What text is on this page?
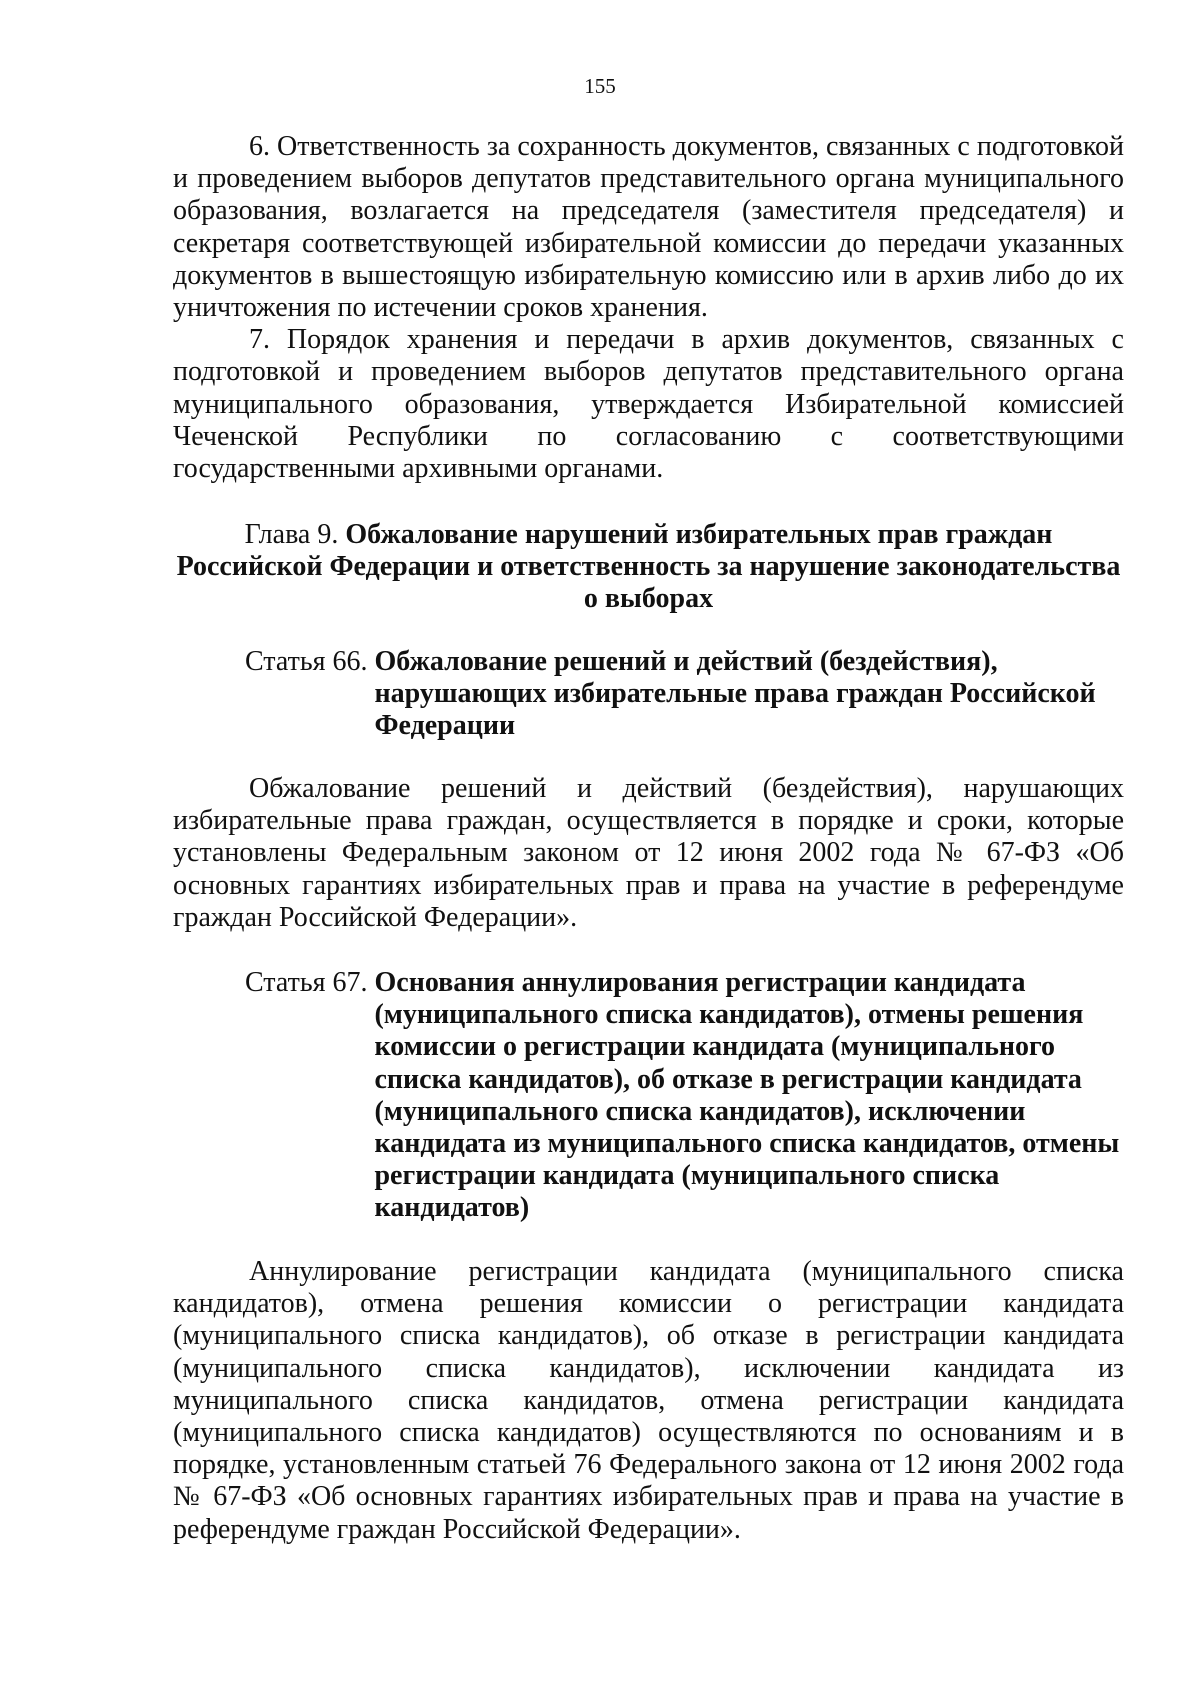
155

6. Ответственность за сохранность документов, связанных с подготовкой и проведением выборов депутатов представительного органа муниципального образования, возлагается на председателя (заместителя председателя) и секретаря соответствующей избирательной комиссии до передачи указанных документов в вышестоящую избирательную комиссию или в архив либо до их уничтожения по истечении сроков хранения.

7. Порядок хранения и передачи в архив документов, связанных с подготовкой и проведением выборов депутатов представительного органа муниципального образования, утверждается Избирательной комиссией Чеченской Республики по согласованию с соответствующими государственными архивными органами.

Глава 9. Обжалование нарушений избирательных прав граждан Российской Федерации и ответственность за нарушение законодательства о выборах
Статья 66. Обжалование решений и действий (бездействия), нарушающих избирательные права граждан Российской Федерации

Обжалование решений и действий (бездействия), нарушающих избирательные права граждан, осуществляется в порядке и сроки, которые установлены Федеральным законом от 12 июня 2002 года № 67-ФЗ «Об основных гарантиях избирательных прав и права на участие в референдуме граждан Российской Федерации».

Статья 67. Основания аннулирования регистрации кандидата (муниципального списка кандидатов), отмены решения комиссии о регистрации кандидата (муниципального списка кандидатов), об отказе в регистрации кандидата (муниципального списка кандидатов), исключении кандидата из муниципального списка кандидатов, отмены регистрации кандидата (муниципального списка кандидатов)

Аннулирование регистрации кандидата (муниципального списка кандидатов), отмена решения комиссии о регистрации кандидата (муниципального списка кандидатов), об отказе в регистрации кандидата (муниципального списка кандидатов), исключении кандидата из муниципального списка кандидатов, отмена регистрации кандидата (муниципального списка кандидатов) осуществляются по основаниям и в порядке, установленным статьей 76 Федерального закона от 12 июня 2002 года № 67-ФЗ «Об основных гарантиях избирательных прав и права на участие в референдуме граждан Российской Федерации».
